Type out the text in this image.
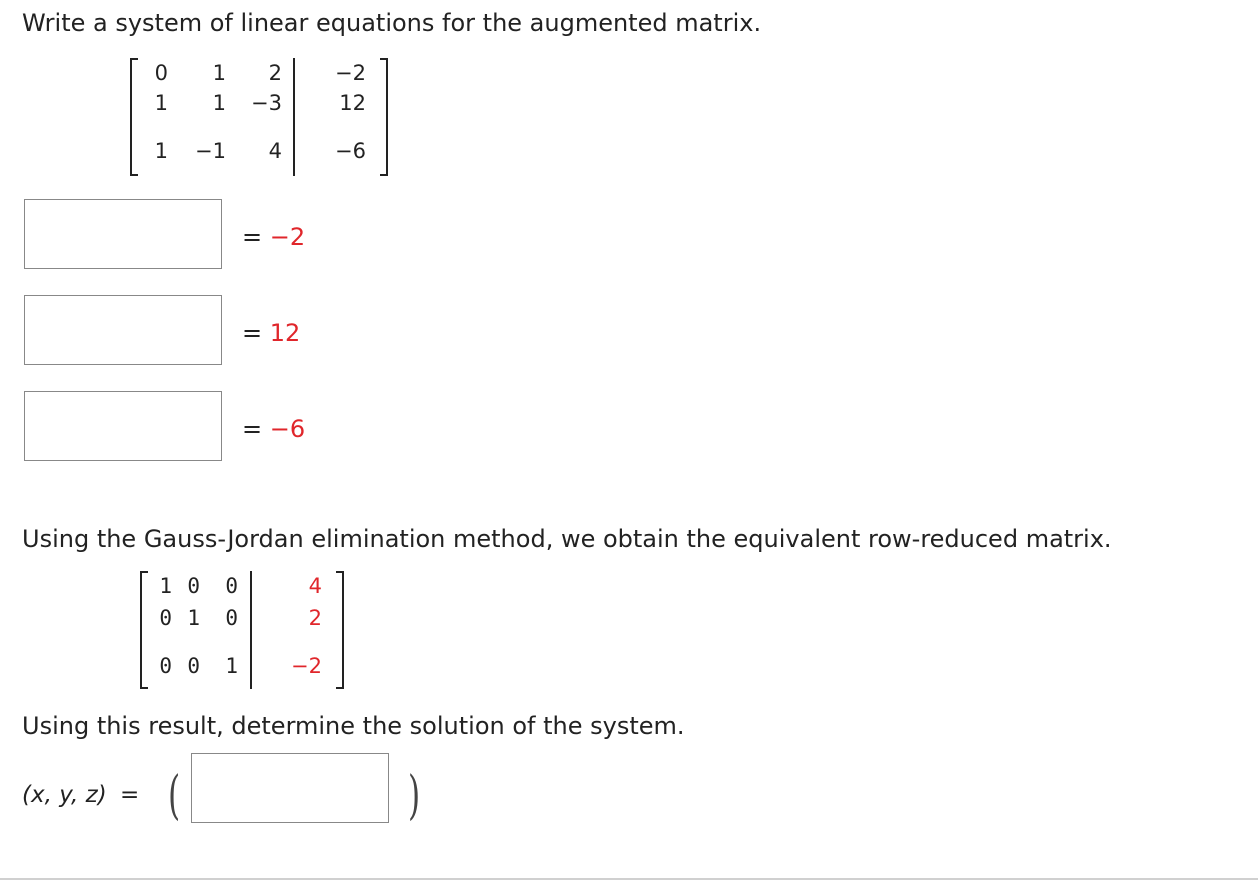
Write a system of linear equations for the augmented matrix.
0	1	2	−2
1	1	−3	12
1 −1	4	−6
= −2
= 12
= −6
Using the Gauss-Jordan elimination method, we obtain the equivalent row-reduced matrix.
1 0	0	4
0 1	0	2
0 0	1	−2
Using this result, determine the solution of the system.
(x, y, z) = (	)
